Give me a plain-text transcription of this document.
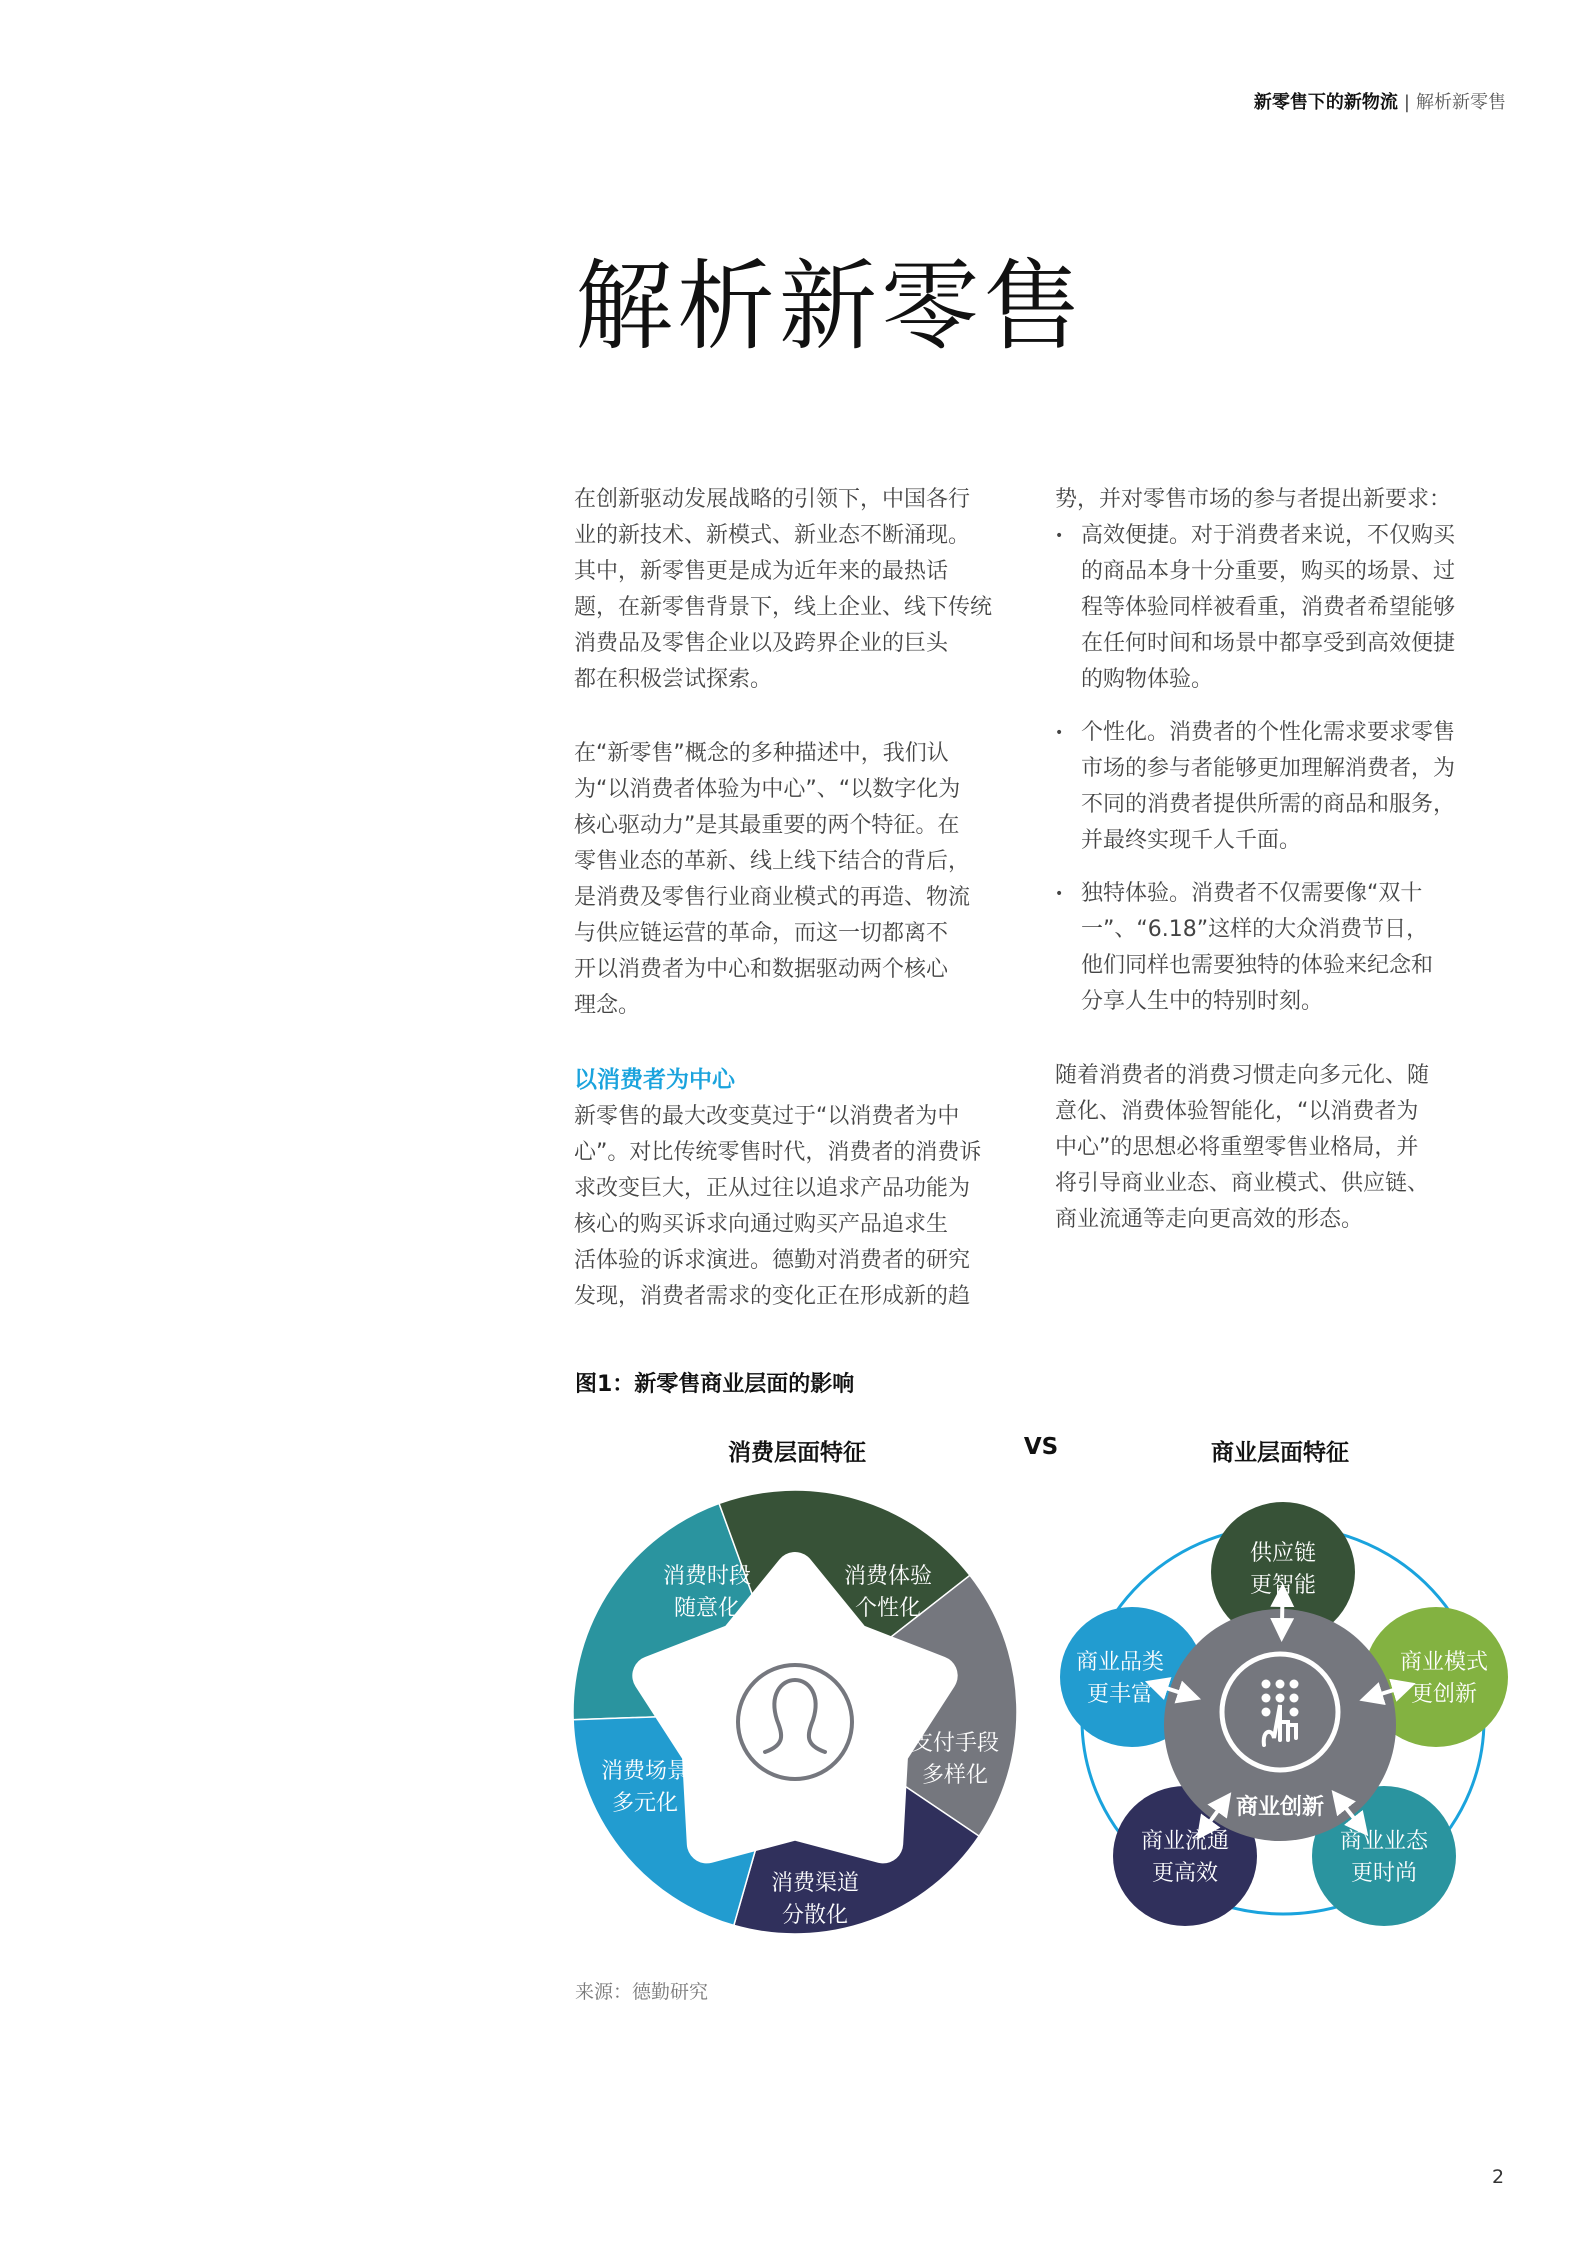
新零售下的新物流 | 解析新零售
解析新零售
在创新驱动发展战略的引领下，中国各行
业的新技术、新模式、新业态不断涌现。
其中，新零售更是成为近年来的最热话
题，在新零售背景下，线上企业、线下传统
消费品及零售企业以及跨界企业的巨头
都在积极尝试探索。
在“新零售”概念的多种描述中，我们认
为“以消费者体验为中心”、“以数字化为
核心驱动力”是其最重要的两个特征。在
零售业态的革新、线上线下结合的背后，
是消费及零售行业商业模式的再造、物流
与供应链运营的革命，而这一切都离不
开以消费者为中心和数据驱动两个核心
理念。
以消费者为中心
新零售的最大改变莫过于“以消费者为中
心”。对比传统零售时代，消费者的消费诉
求改变巨大，正从过往以追求产品功能为
核心的购买诉求向通过购买产品追求生
活体验的诉求演进。德勤对消费者的研究
发现，消费者需求的变化正在形成新的趋
势，并对零售市场的参与者提出新要求：
• 高效便捷。对于消费者来说，不仅购买
的商品本身十分重要，购买的场景、过
程等体验同样被看重，消费者希望能够
在任何时间和场景中都享受到高效便捷
的购物体验。
• 个性化。消费者的个性化需求要求零售
市场的参与者能够更加理解消费者，为
不同的消费者提供所需的商品和服务，
并最终实现千人千面。
• 独特体验。消费者不仅需要像“双十
一”、“6.18”这样的大众消费节日，
他们同样也需要独特的体验来纪念和
分享人生中的特别时刻。
随着消费者的消费习惯走向多元化、随
意化、消费体验智能化，“以消费者为
中心”的思想必将重塑零售业格局，并
将引导商业业态、商业模式、供应链、
商业流通等走向更高效的形态。
图1：新零售商业层面的影响
消费层面特征	VS	商业层面特征
消费时段
随意化
消费体验
个性化
支付手段
多样化
消费渠道
分散化
消费场景
多元化
供应链
更智能
商业品类
更丰富
商业模式
更创新
商业流通
更高效
商业业态
更时尚
商业创新
来源：德勤研究
2
